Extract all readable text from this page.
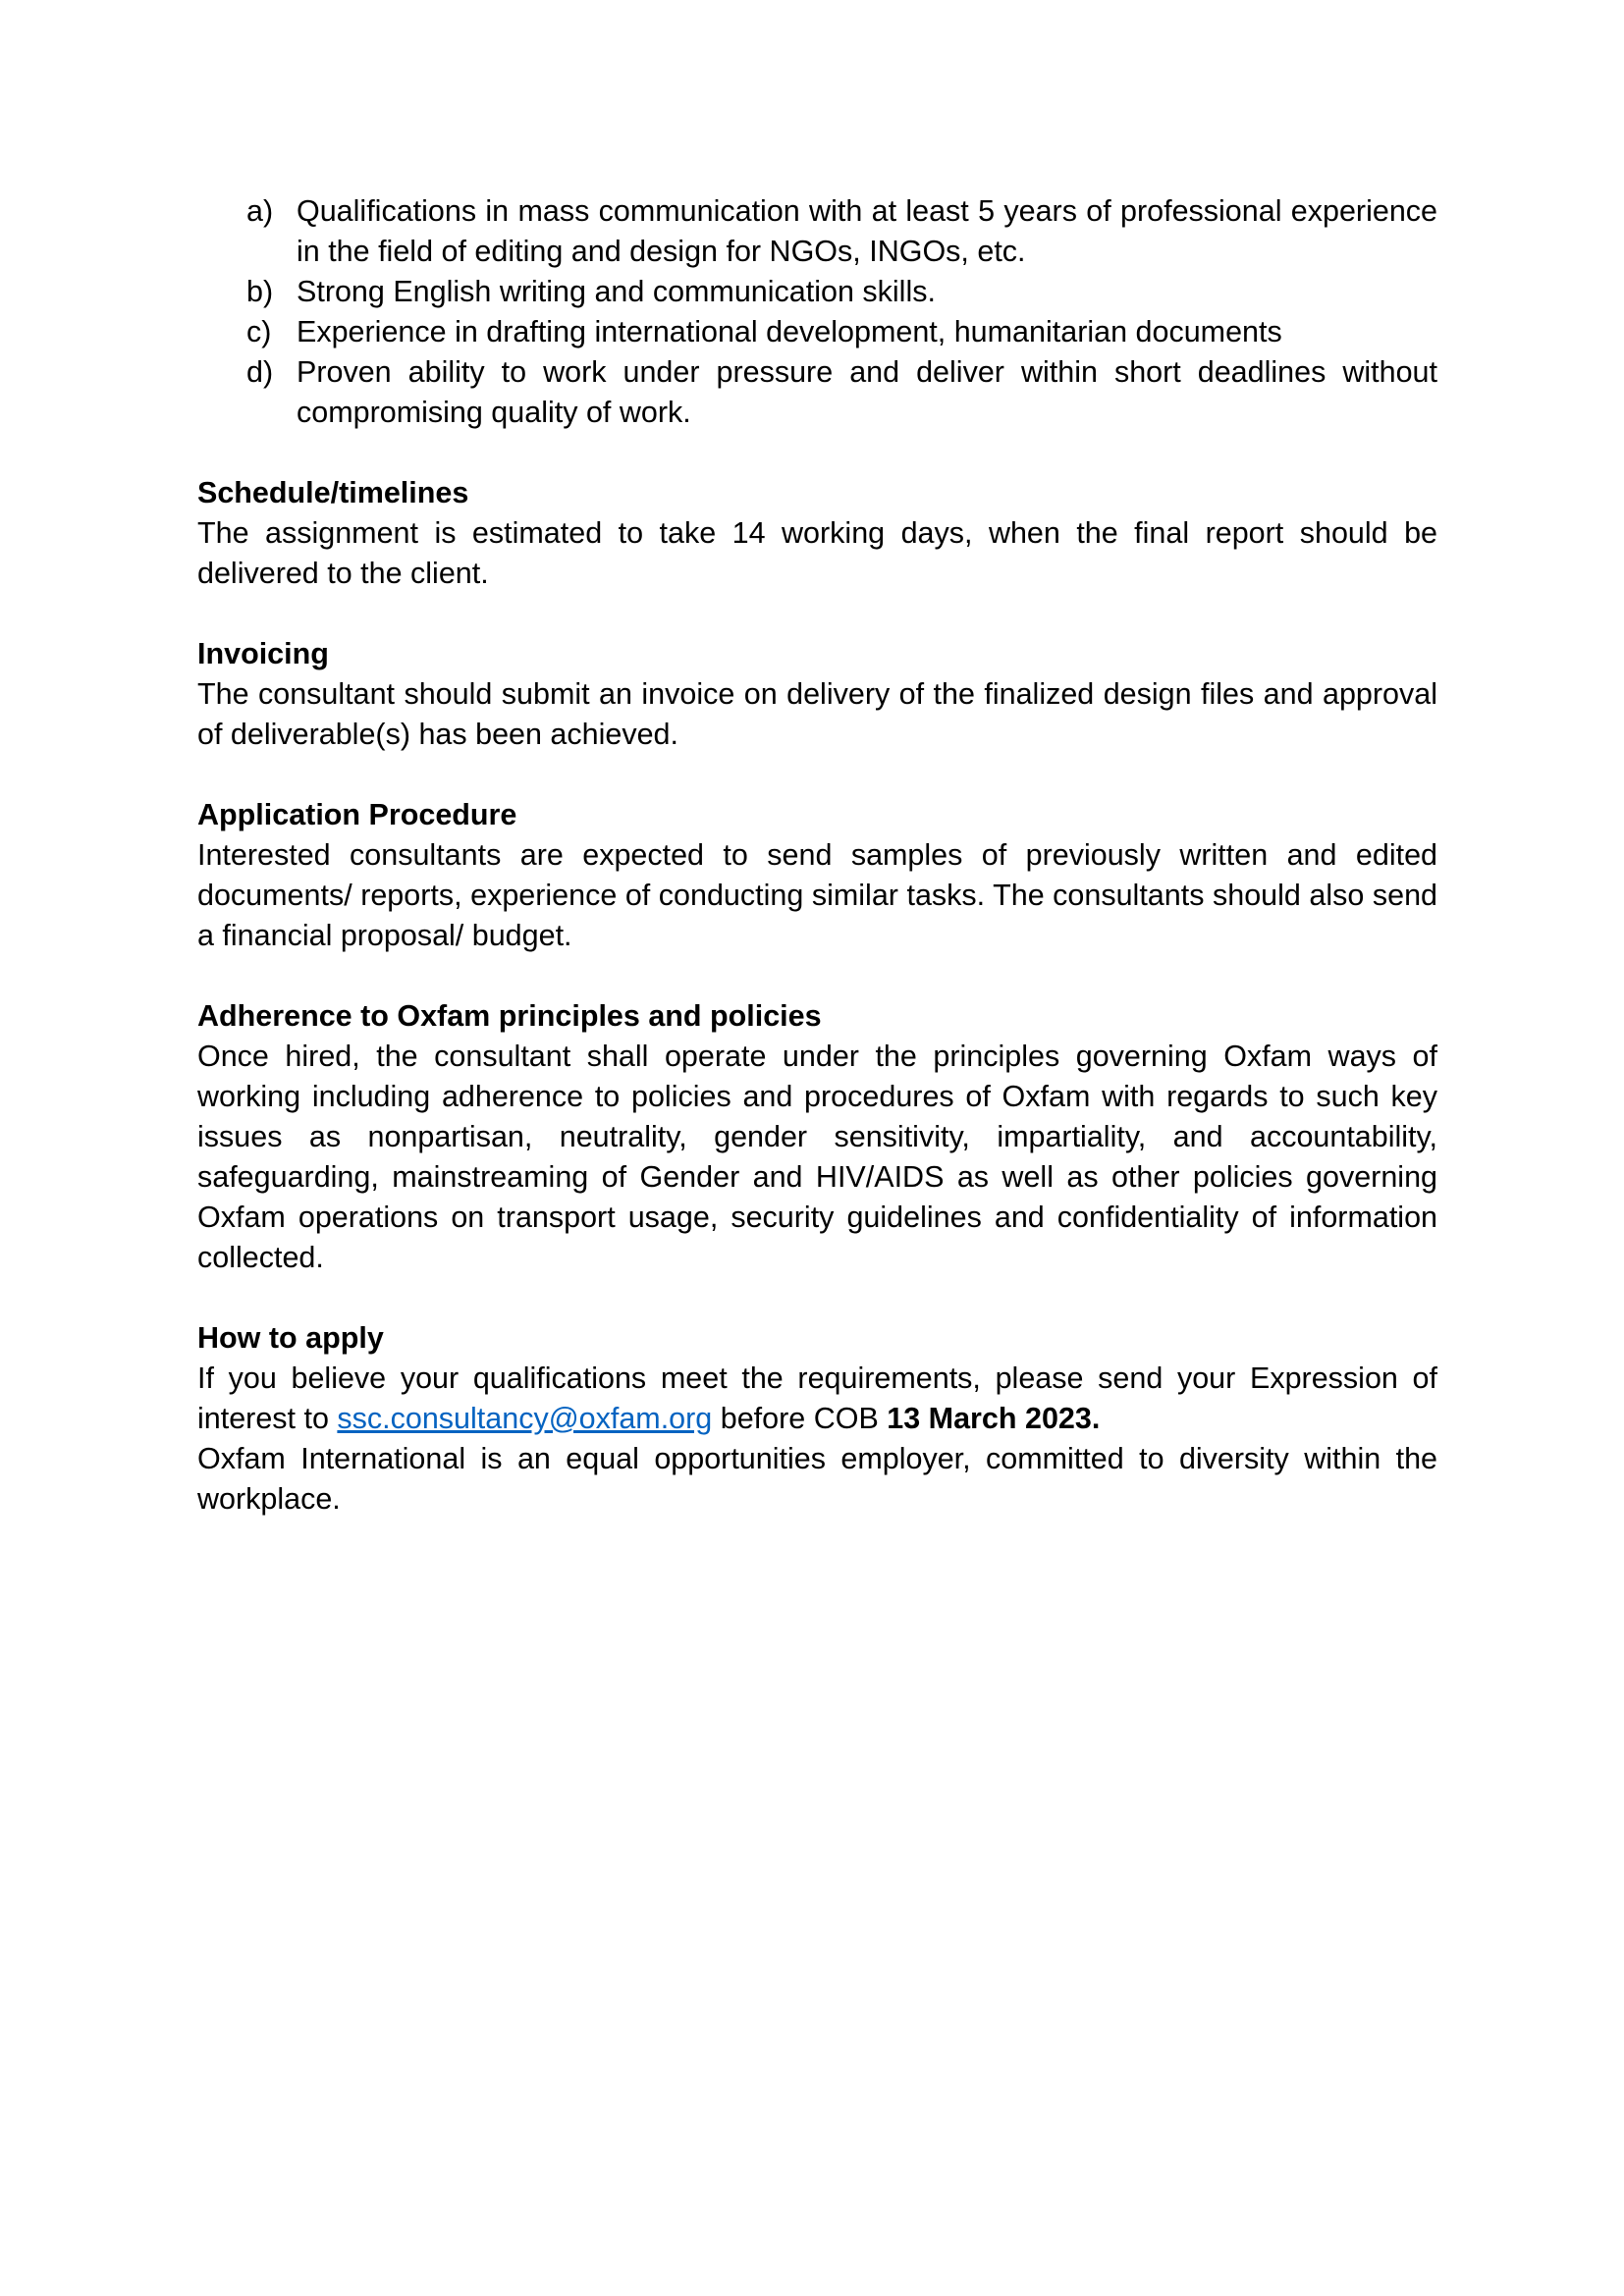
a) Qualifications in mass communication with at least 5 years of professional experience in the field of editing and design for NGOs, INGOs, etc.
b) Strong English writing and communication skills.
c) Experience in drafting international development, humanitarian documents
d) Proven ability to work under pressure and deliver within short deadlines without compromising quality of work.
Schedule/timelines
The assignment is estimated to take 14 working days, when the final report should be delivered to the client.
Invoicing
The consultant should submit an invoice on delivery of the finalized design files and approval of deliverable(s) has been achieved.
Application Procedure
Interested consultants are expected to send samples of previously written and edited documents/ reports, experience of conducting similar tasks. The consultants should also send a financial proposal/ budget.
Adherence to Oxfam principles and policies
Once hired, the consultant shall operate under the principles governing Oxfam ways of working including adherence to policies and procedures of Oxfam with regards to such key issues as nonpartisan, neutrality, gender sensitivity, impartiality, and accountability, safeguarding, mainstreaming of Gender and HIV/AIDS as well as other policies governing Oxfam operations on transport usage, security guidelines and confidentiality of information collected.
How to apply
If you believe your qualifications meet the requirements, please send your Expression of interest to ssc.consultancy@oxfam.org before COB 13 March 2023.
Oxfam International is an equal opportunities employer, committed to diversity within the workplace.
